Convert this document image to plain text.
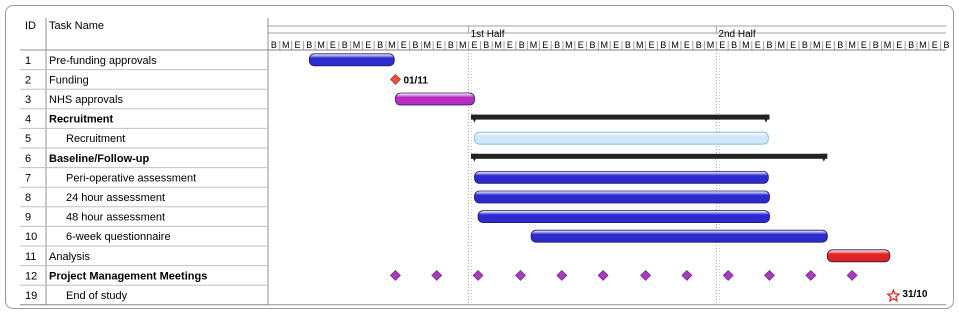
ID Task Name
1st Half	2nd Half
B M E B M E B M E B M E B M E B M E B M E B M E B M E B M E B M E B M E B M E B M E B M E B M E B M E B M E B M E B
1 Pre-funding approvals
2 Funding	01/11
3 NHS approvals
4 Recruitment
5	Recruitment
6 Baseline/Follow-up
7	Peri-operative assessment
8	24 hour assessment
9	48 hour assessment
10	6-week questionnaire
11 Analysis
12 Project Management Meetings
19	End of study	31/10
